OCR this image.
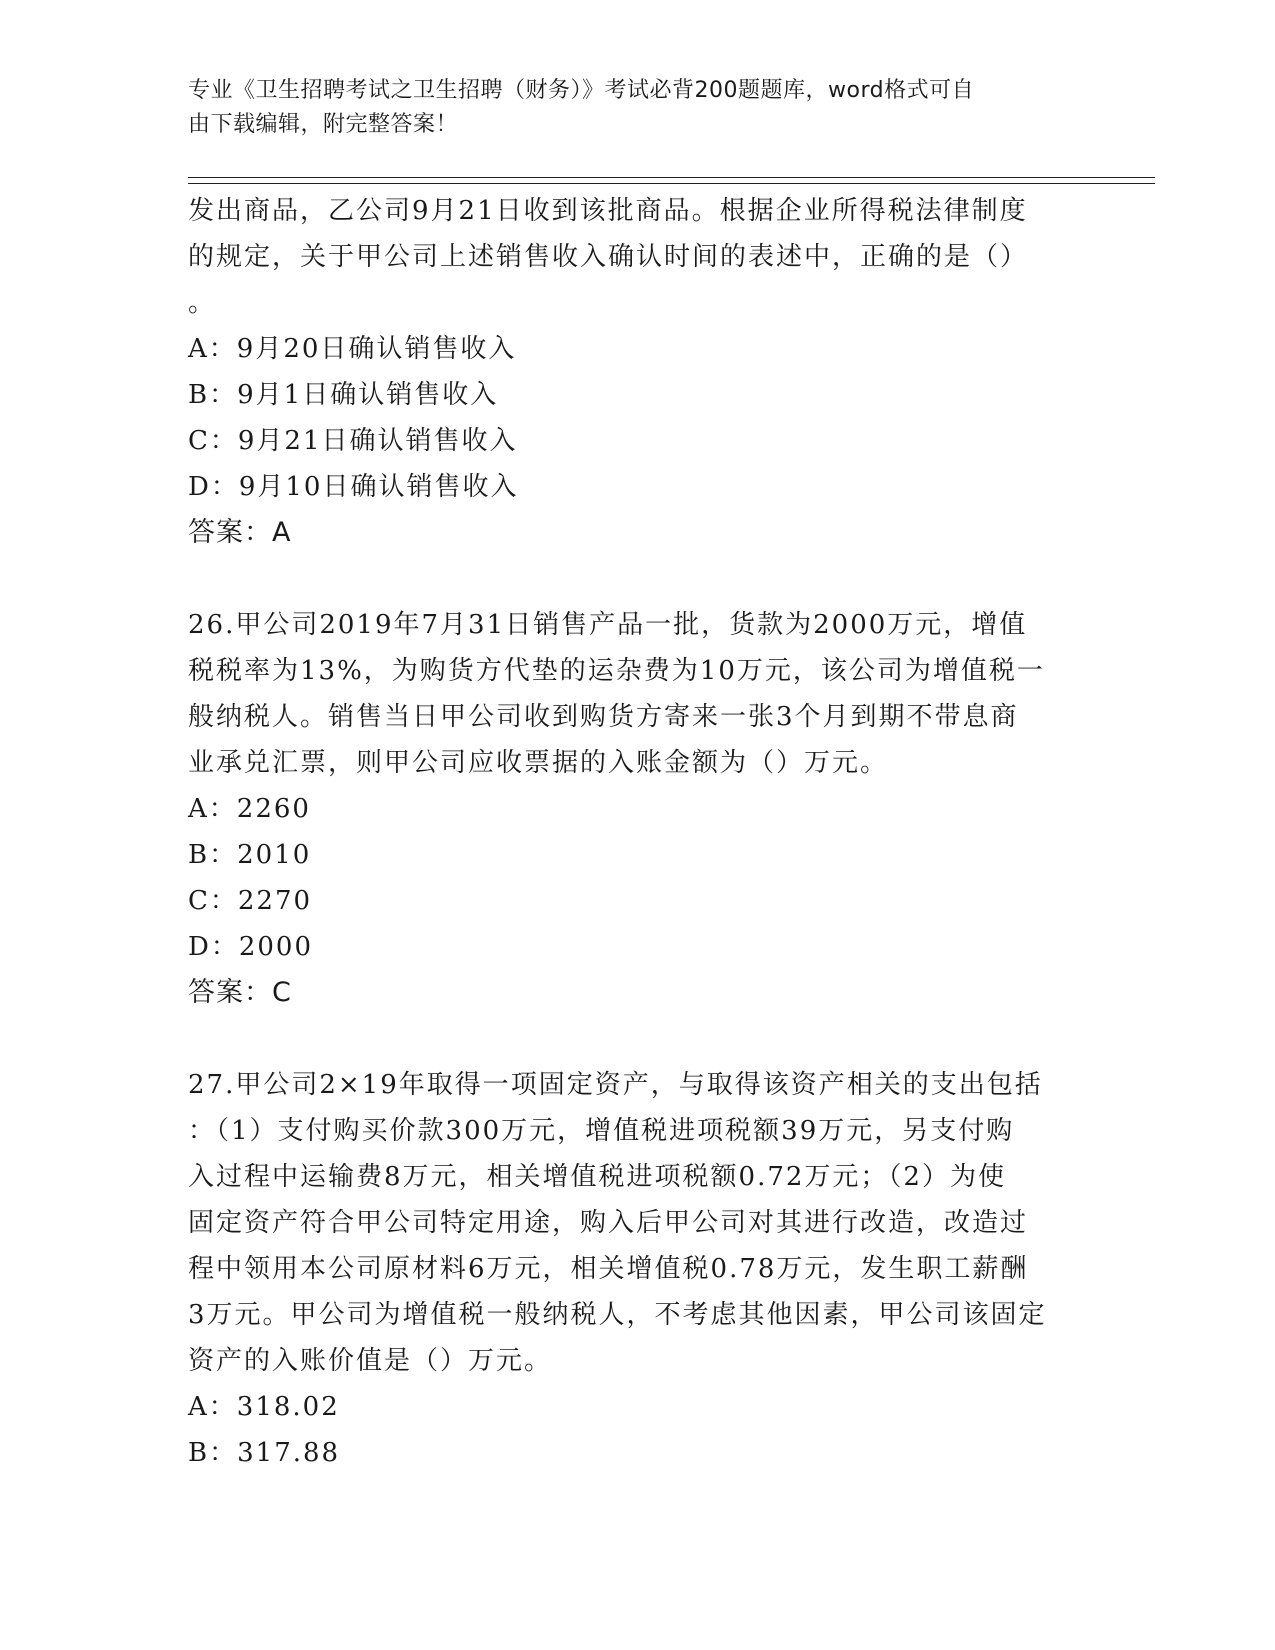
专业《卫生招聘考试之卫生招聘（财务）》考试必背200题题库，word格式可自
由下载编辑，附完整答案！
发出商品，乙公司9月21日收到该批商品。根据企业所得税法律制度
的规定，关于甲公司上述销售收入确认时间的表述中，正确的是（）
。
A：9月20日确认销售收入
B：9月1日确认销售收入
C：9月21日确认销售收入
D：9月10日确认销售收入
答案：A
26.甲公司2019年7月31日销售产品一批，货款为2000万元，增值
税税率为13%，为购货方代垫的运杂费为10万元，该公司为增值税一
般纳税人。销售当日甲公司收到购货方寄来一张3个月到期不带息商
业承兑汇票，则甲公司应收票据的入账金额为（）万元。
A：2260
B：2010
C：2270
D：2000
答案：C
27.甲公司2×19年取得一项固定资产，与取得该资产相关的支出包括
：（1）支付购买价款300万元，增值税进项税额39万元，另支付购
入过程中运输费8万元，相关增值税进项税额0.72万元；（2）为使
固定资产符合甲公司特定用途，购入后甲公司对其进行改造，改造过
程中领用本公司原材料6万元，相关增值税0.78万元，发生职工薪酬
3万元。甲公司为增值税一般纳税人，不考虑其他因素，甲公司该固定
资产的入账价值是（）万元。
A：318.02
B：317.88
